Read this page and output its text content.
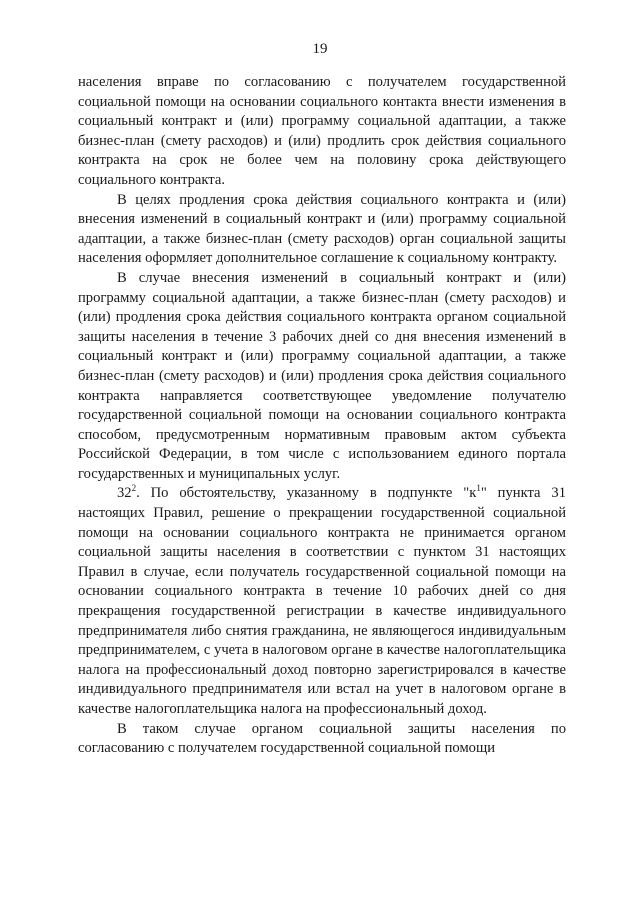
19

населения вправе по согласованию с получателем государственной социальной помощи на основании социального контакта внести изменения в социальный контракт и (или) программу социальной адаптации, а также бизнес-план (смету расходов) и (или) продлить срок действия социального контракта на срок не более чем на половину срока действующего социального контракта.

В целях продления срока действия социального контракта и (или) внесения изменений в социальный контракт и (или) программу социальной адаптации, а также бизнес-план (смету расходов) орган социальной защиты населения оформляет дополнительное соглашение к социальному контракту.

В случае внесения изменений в социальный контракт и (или) программу социальной адаптации, а также бизнес-план (смету расходов) и (или) продления срока действия социального контракта органом социальной защиты населения в течение 3 рабочих дней со дня внесения изменений в социальный контракт и (или) программу социальной адаптации, а также бизнес-план (смету расходов) и (или) продления срока действия социального контракта направляется соответствующее уведомление получателю государственной социальной помощи на основании социального контракта способом, предусмотренным нормативным правовым актом субъекта Российской Федерации, в том числе с использованием единого портала государственных и муниципальных услуг.

$32^2$. По обстоятельству, указанному в подпункте "$к^1$" пункта 31 настоящих Правил, решение о прекращении государственной социальной помощи на основании социального контракта не принимается органом социальной защиты населения в соответствии с пунктом 31 настоящих Правил в случае, если получатель государственной социальной помощи на основании социального контракта в течение 10 рабочих дней со дня прекращения государственной регистрации в качестве индивидуального предпринимателя либо снятия гражданина, не являющегося индивидуальным предпринимателем, с учета в налоговом органе в качестве налогоплательщика налога на профессиональный доход повторно зарегистрировался в качестве индивидуального предпринимателя или встал на учет в налоговом органе в качестве налогоплательщика налога на профессиональный доход.

В таком случае органом социальной защиты населения по согласованию с получателем государственной социальной помощи
